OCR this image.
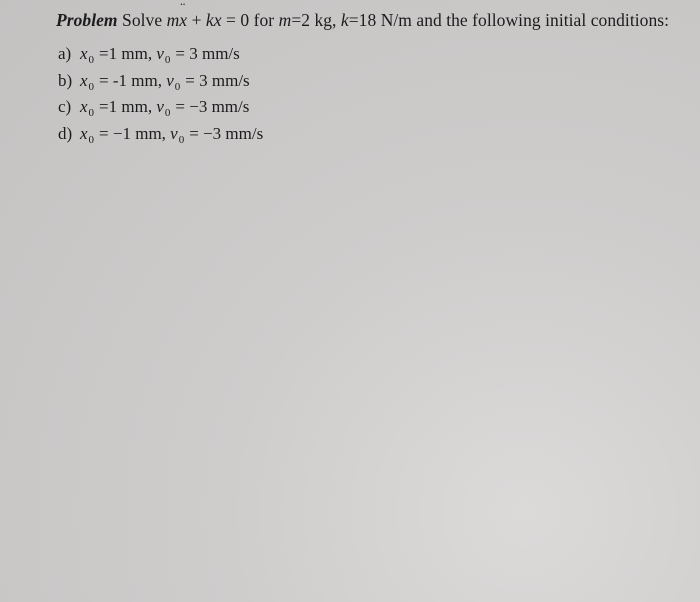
Problem Solve mx ¨ + kx = 0 for m=2 kg, k=18 N/m and the following initial conditions:
a) $x_0 =1$ mm, $v_0 = 3$ mm/s
b) $x_0 = -1$ mm, $v_0 = 3$ mm/s
c) $x_0 =1$ mm, $v_0 = -3$ mm/s
d) $x_0 = -1$ mm, $v_0 = -3$ mm/s
